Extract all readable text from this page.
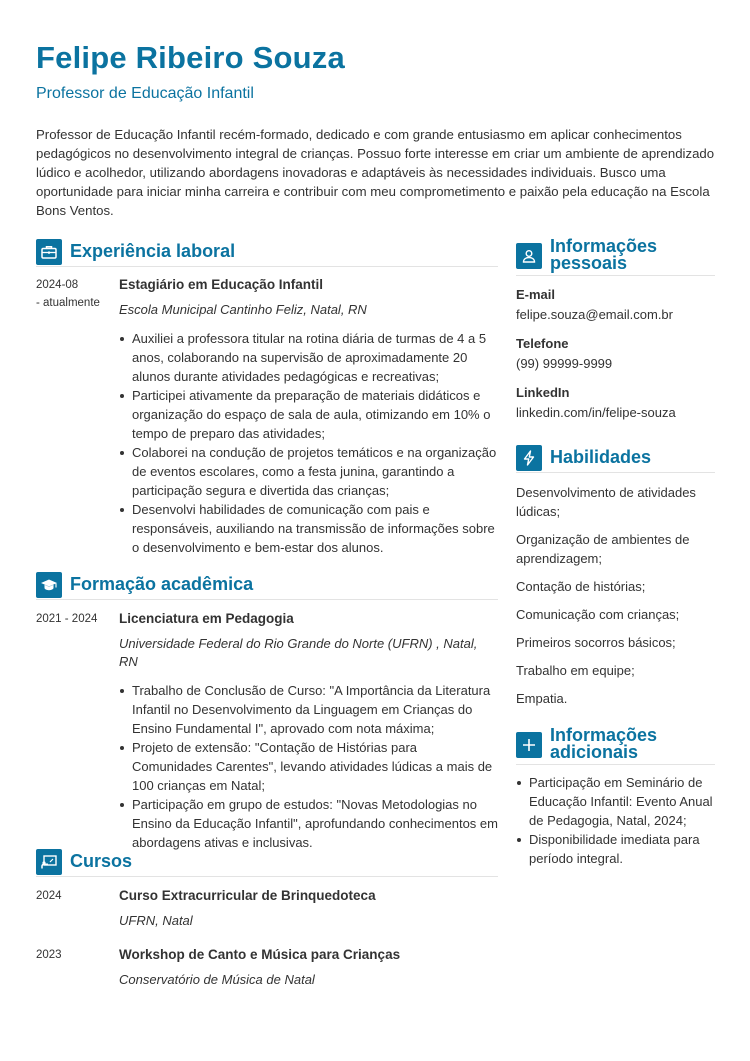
Felipe Ribeiro Souza
Professor de Educação Infantil
Professor de Educação Infantil recém-formado, dedicado e com grande entusiasmo em aplicar conhecimentos pedagógicos no desenvolvimento integral de crianças. Possuo forte interesse em criar um ambiente de aprendizado lúdico e acolhedor, utilizando abordagens inovadoras e adaptáveis às necessidades individuais. Busco uma oportunidade para iniciar minha carreira e contribuir com meu comprometimento e paixão pela educação na Escola Bons Ventos.
Experiência laboral
2024-08
- atualmente
Estagiário em Educação Infantil
Escola Municipal Cantinho Feliz, Natal, RN
Auxiliei a professora titular na rotina diária de turmas de 4 a 5 anos, colaborando na supervisão de aproximadamente 20 alunos durante atividades pedagógicas e recreativas;
Participei ativamente da preparação de materiais didáticos e organização do espaço de sala de aula, otimizando em 10% o tempo de preparo das atividades;
Colaborei na condução de projetos temáticos e na organização de eventos escolares, como a festa junina, garantindo a participação segura e divertida das crianças;
Desenvolvi habilidades de comunicação com pais e responsáveis, auxiliando na transmissão de informações sobre o desenvolvimento e bem-estar dos alunos.
Formação acadêmica
2021 - 2024 Licenciatura em Pedagogia
Universidade Federal do Rio Grande do Norte (UFRN) , Natal, RN
Trabalho de Conclusão de Curso: "A Importância da Literatura Infantil no Desenvolvimento da Linguagem em Crianças do Ensino Fundamental I", aprovado com nota máxima;
Projeto de extensão: "Contação de Histórias para Comunidades Carentes", levando atividades lúdicas a mais de 100 crianças em Natal;
Participação em grupo de estudos: "Novas Metodologias no Ensino da Educação Infantil", aprofundando conhecimentos em abordagens ativas e inclusivas.
Cursos
2024	Curso Extracurricular de Brinquedoteca
UFRN, Natal
2023	Workshop de Canto e Música para Crianças
Conservatório de Música de Natal
Informações
pessoais
E-mail
felipe.souza@email.com.br
Telefone
(99) 99999-9999
LinkedIn
linkedin.com/in/felipe-souza
Habilidades
Desenvolvimento de atividades lúdicas;
Organização de ambientes de aprendizagem;
Contação de histórias;
Comunicação com crianças;
Primeiros socorros básicos;
Trabalho em equipe;
Empatia.
Informações
adicionais
Participação em Seminário de Educação Infantil: Evento Anual de Pedagogia, Natal, 2024;
Disponibilidade imediata para período integral.
